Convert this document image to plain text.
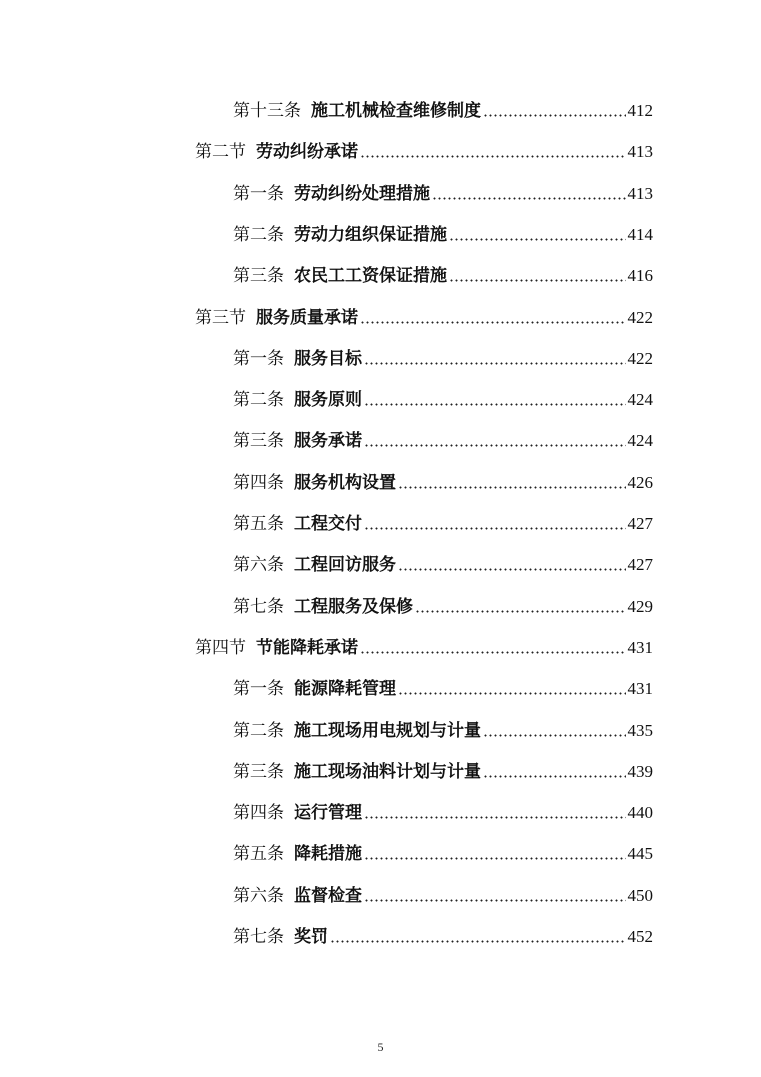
第十三条 施工机械检查维修制度	412
第二节 劳动纠纷承诺	413
第一条 劳动纠纷处理措施	413
第二条 劳动力组织保证措施	414
第三条 农民工工资保证措施	416
第三节 服务质量承诺	422
第一条 服务目标	422
第二条 服务原则	424
第三条 服务承诺	424
第四条 服务机构设置	426
第五条 工程交付	427
第六条 工程回访服务	427
第七条 工程服务及保修	429
第四节 节能降耗承诺	431
第一条 能源降耗管理	431
第二条 施工现场用电规划与计量	435
第三条 施工现场油料计划与计量	439
第四条 运行管理	440
第五条 降耗措施	445
第六条 监督检查	450
第七条 奖罚	452
5
